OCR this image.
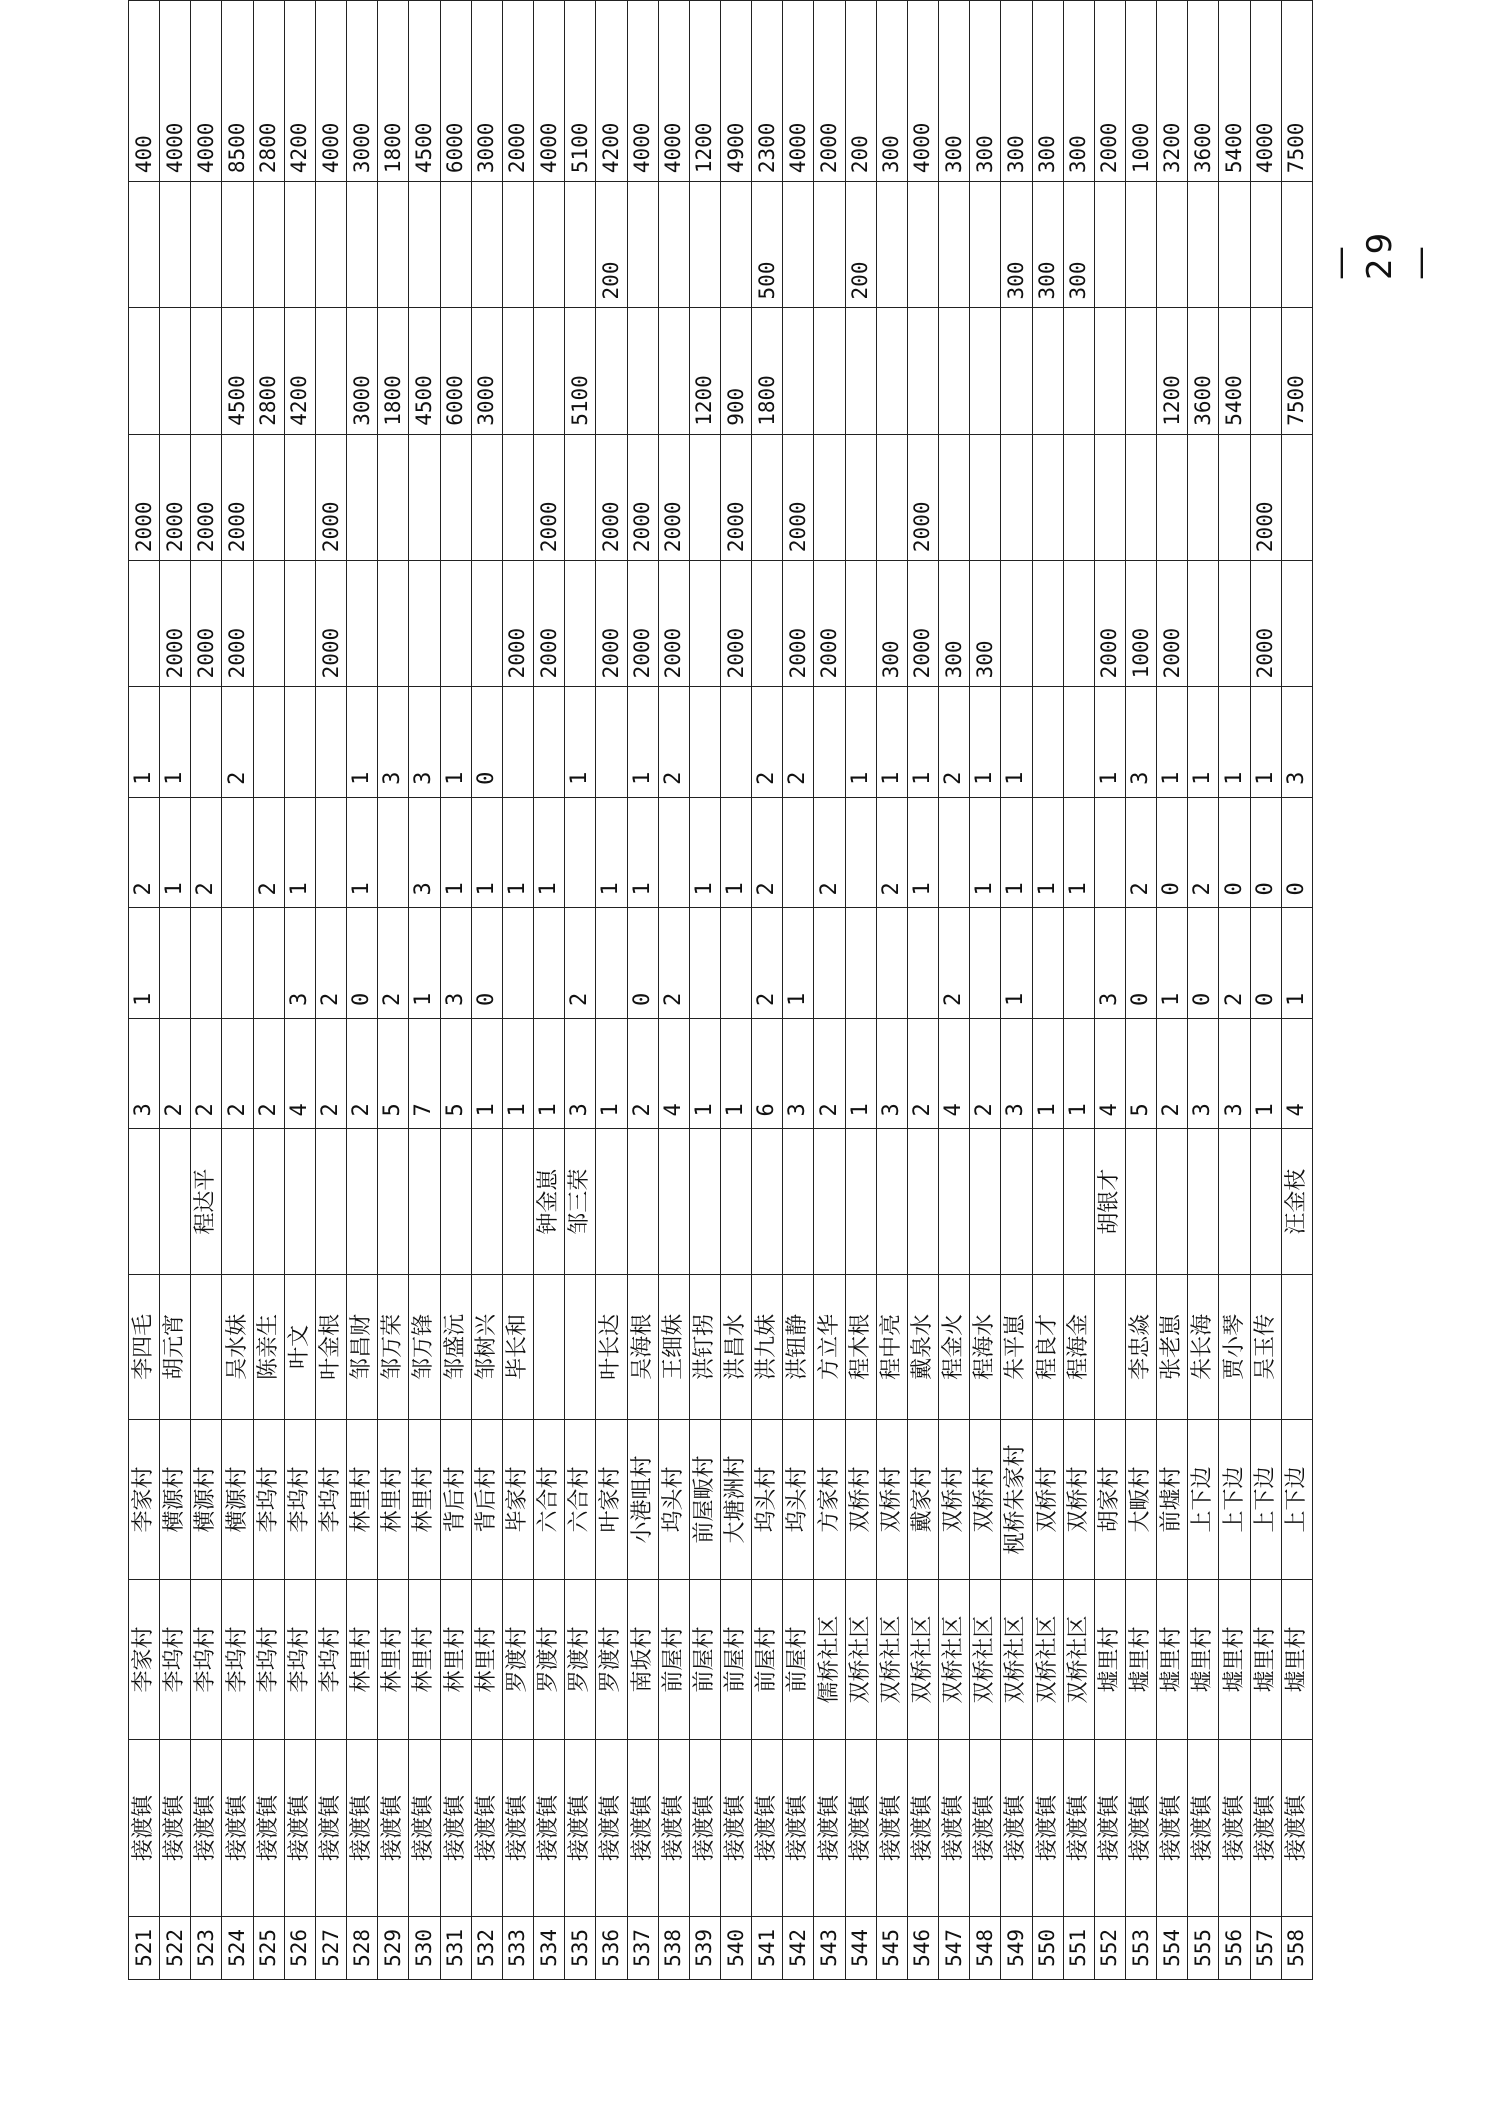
521	接渡镇	李家村	李家村	李四毛		3	1	2	1		2000			400
522	接渡镇	李坞村	横源村	胡元宵		2		1	1	2000	2000			4000
523	接渡镇	李坞村	横源村		程达平	2		2		2000	2000			4000
524	接渡镇	李坞村	横源村	吴水妹		2			2	2000	2000	4500		8500
525	接渡镇	李坞村	李坞村	陈亲生		2		2				2800		2800
526	接渡镇	李坞村	李坞村	叶文		4	3	1				4200		4200
527	接渡镇	李坞村	李坞村	叶金根		2	2			2000	2000			4000
528	接渡镇	林里村	林里村	邹昌财		2	0	1	1			3000		3000
529	接渡镇	林里村	林里村	邹万荣		5	2		3			1800		1800
530	接渡镇	林里村	林里村	邹万锋		7	1	3	3			4500		4500
531	接渡镇	林里村	背后村	邹盛沅		5	3	1	1			6000		6000
532	接渡镇	林里村	背后村	邹树兴		1	0	1	0			3000		3000
533	接渡镇	罗渡村	毕家村	毕长和		1		1		2000				2000
534	接渡镇	罗渡村	六合村		钟金崽	1		1		2000	2000			4000
535	接渡镇	罗渡村	六合村		邹三荣	3	2		1			5100		5100
536	接渡镇	罗渡村	叶家村	叶长达		1		1		2000	2000		200	4200
537	接渡镇	南坂村	小港咀村	吴海根		2	0	1	1	2000	2000			4000
538	接渡镇	前屋村	坞头村	王细妹		4	2		2	2000	2000			4000
539	接渡镇	前屋村	前屋畈村	洪钉拐		1		1				1200		1200
540	接渡镇	前屋村	大塘洲村	洪昌水		1		1		2000	2000	900		4900
541	接渡镇	前屋村	坞头村	洪九妹		6	2	2	2			1800	500	2300
542	接渡镇	前屋村	坞头村	洪钮静		3	1		2	2000	2000			4000
543	接渡镇	儒桥社区	方家村	方立华		2		2		2000				2000
544	接渡镇	双桥社区	双桥村	程木根		1			1				200	200
545	接渡镇	双桥社区	双桥村	程中亮		3		2	1	300				300
546	接渡镇	双桥社区	戴家村	戴泉水		2		1	1	2000	2000			4000
547	接渡镇	双桥社区	双桥村	程金火		4	2		2	300				300
548	接渡镇	双桥社区	双桥村	程海水		2		1	1	300				300
549	接渡镇	双桥社区	枧桥朱家村	朱平崽		3	1	1	1				300	300
550	接渡镇	双桥社区	双桥村	程良才		1		1					300	300
551	接渡镇	双桥社区	双桥村	程海金		1		1					300	300
552	接渡镇	墟里村	胡家村		胡银才	4	3		1	2000				2000
553	接渡镇	墟里村	大畈村	李忠焱		5	0	2	3	1000				1000
554	接渡镇	墟里村	前墟村	张老崽		2	1	0	1	2000		1200		3200
555	接渡镇	墟里村	上下边	朱长海		3	0	2	1			3600		3600
556	接渡镇	墟里村	上下边	贾小琴		3	2	0	1			5400		5400
557	接渡镇	墟里村	上下边	吴玉传		1	0	0	1	2000	2000			4000
558	接渡镇	墟里村	上下边		汪金枝	4	1	0	3			7500		7500
— 29 —
